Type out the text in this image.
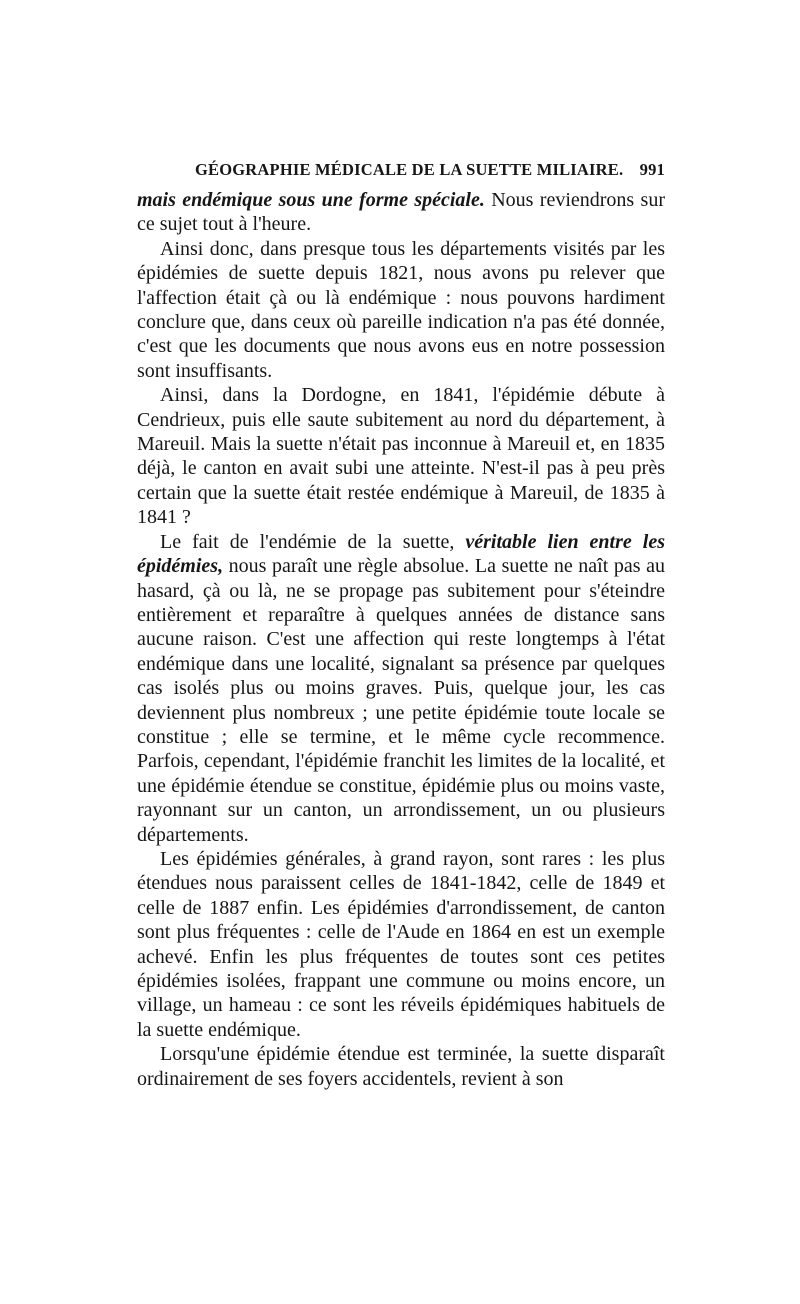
GÉOGRAPHIE MÉDICALE DE LA SUETTE MILIAIRE. 991

mais endémique sous une forme spéciale. Nous reviendrons sur ce sujet tout à l'heure.

Ainsi donc, dans presque tous les départements visités par les épidémies de suette depuis 1821, nous avons pu relever que l'affection était çà ou là endémique : nous pouvons hardiment conclure que, dans ceux où pareille indication n'a pas été donnée, c'est que les documents que nous avons eus en notre possession sont insuffisants.

Ainsi, dans la Dordogne, en 1841, l'épidémie débute à Cendrieux, puis elle saute subitement au nord du département, à Mareuil. Mais la suette n'était pas inconnue à Mareuil et, en 1835 déjà, le canton en avait subi une atteinte. N'est-il pas à peu près certain que la suette était restée endémique à Mareuil, de 1835 à 1841 ?

Le fait de l'endémie de la suette, véritable lien entre les épidémies, nous paraît une règle absolue. La suette ne naît pas au hasard, çà ou là, ne se propage pas subitement pour s'éteindre entièrement et reparaître à quelques années de distance sans aucune raison. C'est une affection qui reste longtemps à l'état endémique dans une localité, signalant sa présence par quelques cas isolés plus ou moins graves. Puis, quelque jour, les cas deviennent plus nombreux ; une petite épidémie toute locale se constitue ; elle se termine, et le même cycle recommence. Parfois, cependant, l'épidémie franchit les limites de la localité, et une épidémie étendue se constitue, épidémie plus ou moins vaste, rayonnant sur un canton, un arrondissement, un ou plusieurs départements.

Les épidémies générales, à grand rayon, sont rares : les plus étendues nous paraissent celles de 1841-1842, celle de 1849 et celle de 1887 enfin. Les épidémies d'arrondissement, de canton sont plus fréquentes : celle de l'Aude en 1864 en est un exemple achevé. Enfin les plus fréquentes de toutes sont ces petites épidémies isolées, frappant une commune ou moins encore, un village, un hameau : ce sont les réveils épidémiques habituels de la suette endémique.

Lorsqu'une épidémie étendue est terminée, la suette disparaît ordinairement de ses foyers accidentels, revient à son
